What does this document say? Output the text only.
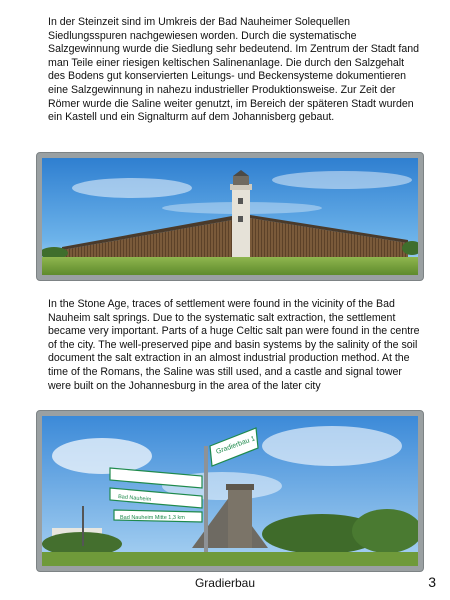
In der Steinzeit sind im Umkreis der Bad Nauheimer Solequellen Siedlungsspuren nachgewiesen worden. Durch die systematische Salzgewinnung wurde die Siedlung sehr bedeutend. Im Zentrum der Stadt fand man Teile einer riesigen keltischen Salinenanlage. Die durch den Salzgehalt des Bodens gut konservierten Leitungs- und Beckensysteme dokumentieren eine Salzgewinnung in nahezu industrieller Produktionsweise. Zur Zeit der Römer wurde die Saline weiter genutzt, im Bereich der späteren Stadt wurden ein Kastell und ein Signalturm auf dem Johannisberg gebaut.

In the Stone Age, traces of settlement were found in the vicinity of the Bad Nauheim salt springs. Due to the systematic salt extraction, the settlement became very important. Parts of a huge Celtic salt pan were found in the centre of the city. The well-preserved pipe and basin systems by the salinity of the soil document the salt extraction in an almost industrial production method. At the time of the Romans, the Saline was still used, and a castle and signal tower were built on the Johannesburg in the area of the later city

Gradierbau 1
Bad Nauheim
Bad Nauheim Mitte 1,3 km
Gradierbau	3
